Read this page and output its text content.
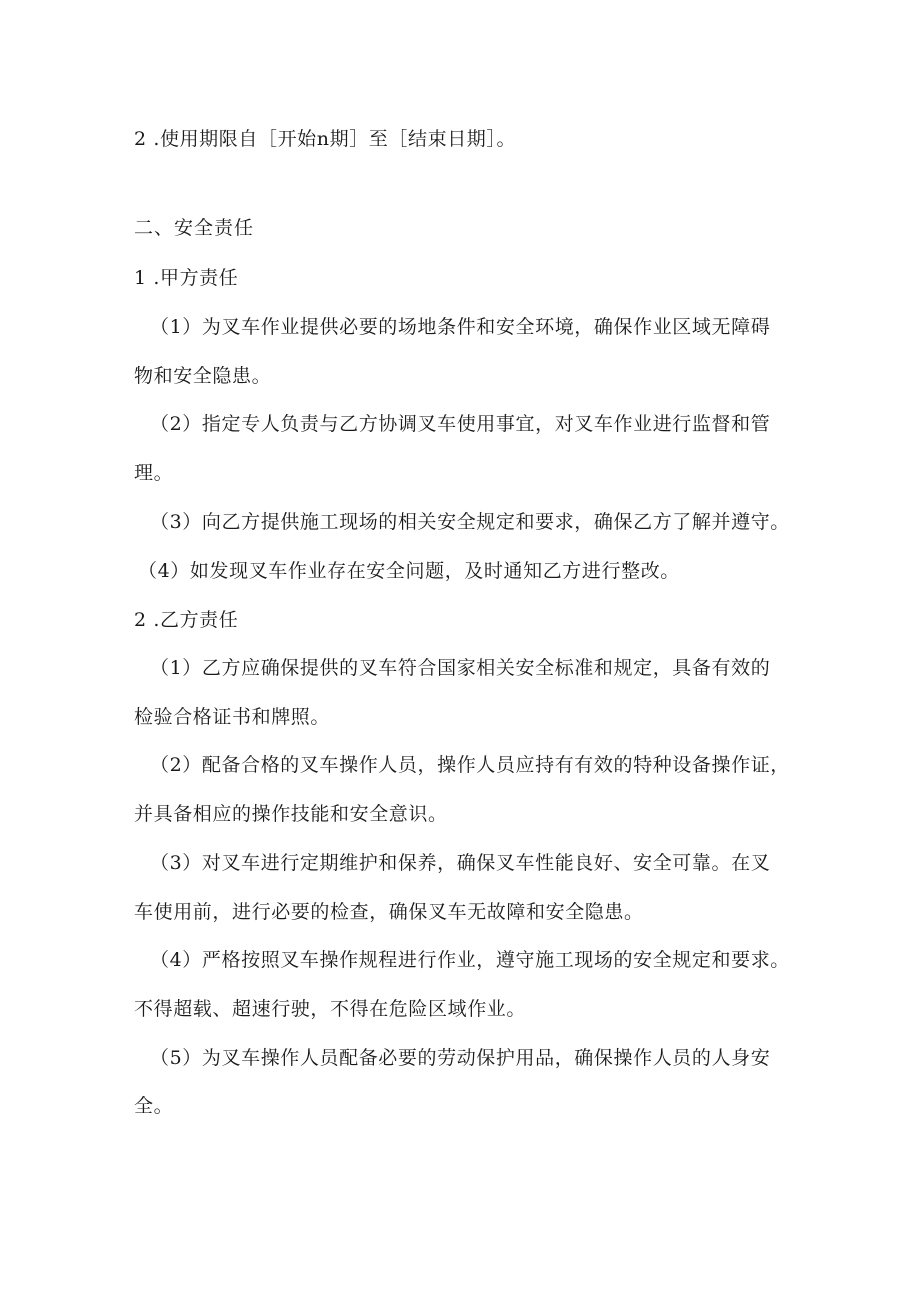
2 .使用期限自［开始n期］至［结束日期］。
二、安全责任
1 .甲方责任
（1）为叉车作业提供必要的场地条件和安全环境，确保作业区域无障碍
物和安全隐患。
（2）指定专人负责与乙方协调叉车使用事宜，对叉车作业进行监督和管
理。
（3）向乙方提供施工现场的相关安全规定和要求，确保乙方了解并遵守。
（4）如发现叉车作业存在安全问题，及时通知乙方进行整改。
2 .乙方责任
（1）乙方应确保提供的叉车符合国家相关安全标准和规定，具备有效的
检验合格证书和牌照。
（2）配备合格的叉车操作人员，操作人员应持有有效的特种设备操作证，
并具备相应的操作技能和安全意识。
（3）对叉车进行定期维护和保养，确保叉车性能良好、安全可靠。在叉
车使用前，进行必要的检查，确保叉车无故障和安全隐患。
（4）严格按照叉车操作规程进行作业，遵守施工现场的安全规定和要求。
不得超载、超速行驶，不得在危险区域作业。
（5）为叉车操作人员配备必要的劳动保护用品，确保操作人员的人身安
全。
